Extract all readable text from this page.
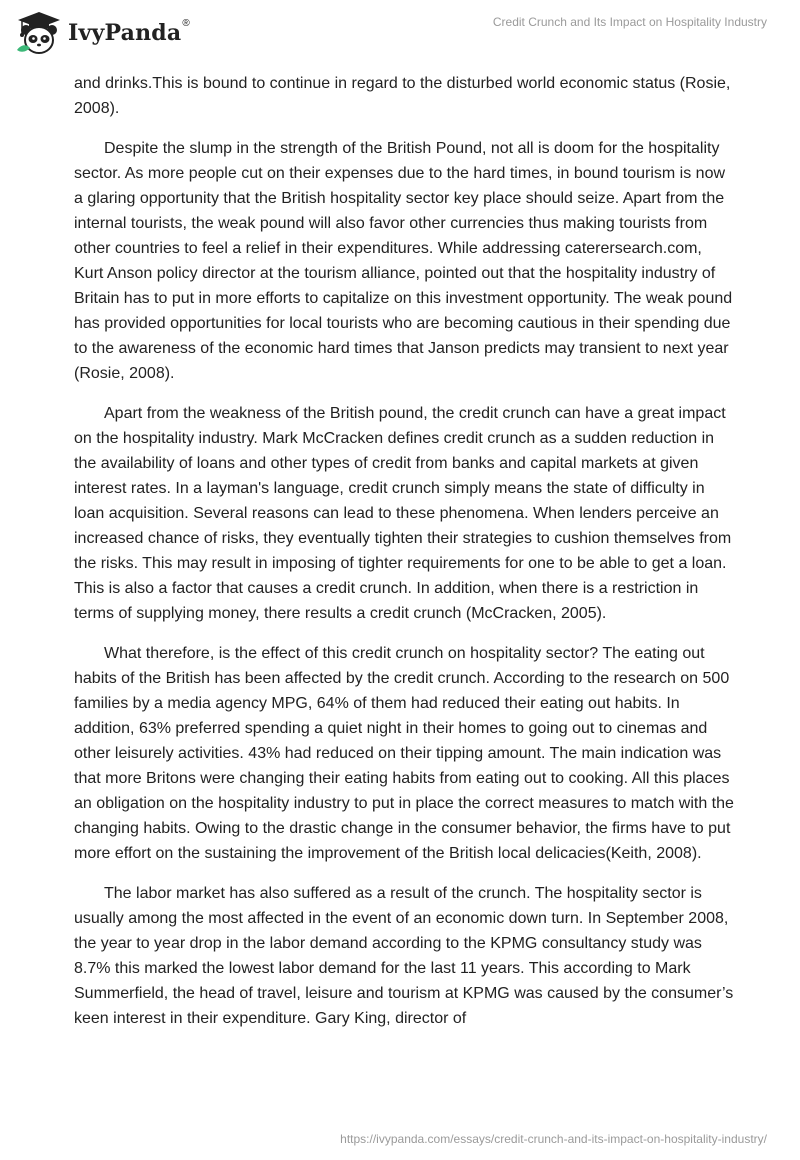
IvyPanda®	Credit Crunch and Its Impact on Hospitality Industry

and drinks.This is bound to continue in regard to the disturbed world economic status (Rosie, 2008).

Despite the slump in the strength of the British Pound, not all is doom for the hospitality sector. As more people cut on their expenses due to the hard times, in bound tourism is now a glaring opportunity that the British hospitality sector key place should seize. Apart from the internal tourists, the weak pound will also favor other currencies thus making tourists from other countries to feel a relief in their expenditures. While addressing caterersearch.com, Kurt Anson policy director at the tourism alliance, pointed out that the hospitality industry of Britain has to put in more efforts to capitalize on this investment opportunity. The weak pound has provided opportunities for local tourists who are becoming cautious in their spending due to the awareness of the economic hard times that Janson predicts may transient to next year (Rosie, 2008).

Apart from the weakness of the British pound, the credit crunch can have a great impact on the hospitality industry. Mark McCracken defines credit crunch as a sudden reduction in the availability of loans and other types of credit from banks and capital markets at given interest rates. In a layman's language, credit crunch simply means the state of difficulty in loan acquisition. Several reasons can lead to these phenomena. When lenders perceive an increased chance of risks, they eventually tighten their strategies to cushion themselves from the risks. This may result in imposing of tighter requirements for one to be able to get a loan. This is also a factor that causes a credit crunch. In addition, when there is a restriction in terms of supplying money, there results a credit crunch (McCracken, 2005).

What therefore, is the effect of this credit crunch on hospitality sector? The eating out habits of the British has been affected by the credit crunch. According to the research on 500 families by a media agency MPG, 64% of them had reduced their eating out habits. In addition, 63% preferred spending a quiet night in their homes to going out to cinemas and other leisurely activities. 43% had reduced on their tipping amount. The main indication was that more Britons were changing their eating habits from eating out to cooking. All this places an obligation on the hospitality industry to put in place the correct measures to match with the changing habits. Owing to the drastic change in the consumer behavior, the firms have to put more effort on the sustaining the improvement of the British local delicacies(Keith, 2008).

The labor market has also suffered as a result of the crunch. The hospitality sector is usually among the most affected in the event of an economic down turn. In September 2008, the year to year drop in the labor demand according to the KPMG consultancy study was 8.7% this marked the lowest labor demand for the last 11 years. This according to Mark Summerfield, the head of travel, leisure and tourism at KPMG was caused by the consumer’s keen interest in their expenditure. Gary King, director of

https://ivypanda.com/essays/credit-crunch-and-its-impact-on-hospitality-industry/
